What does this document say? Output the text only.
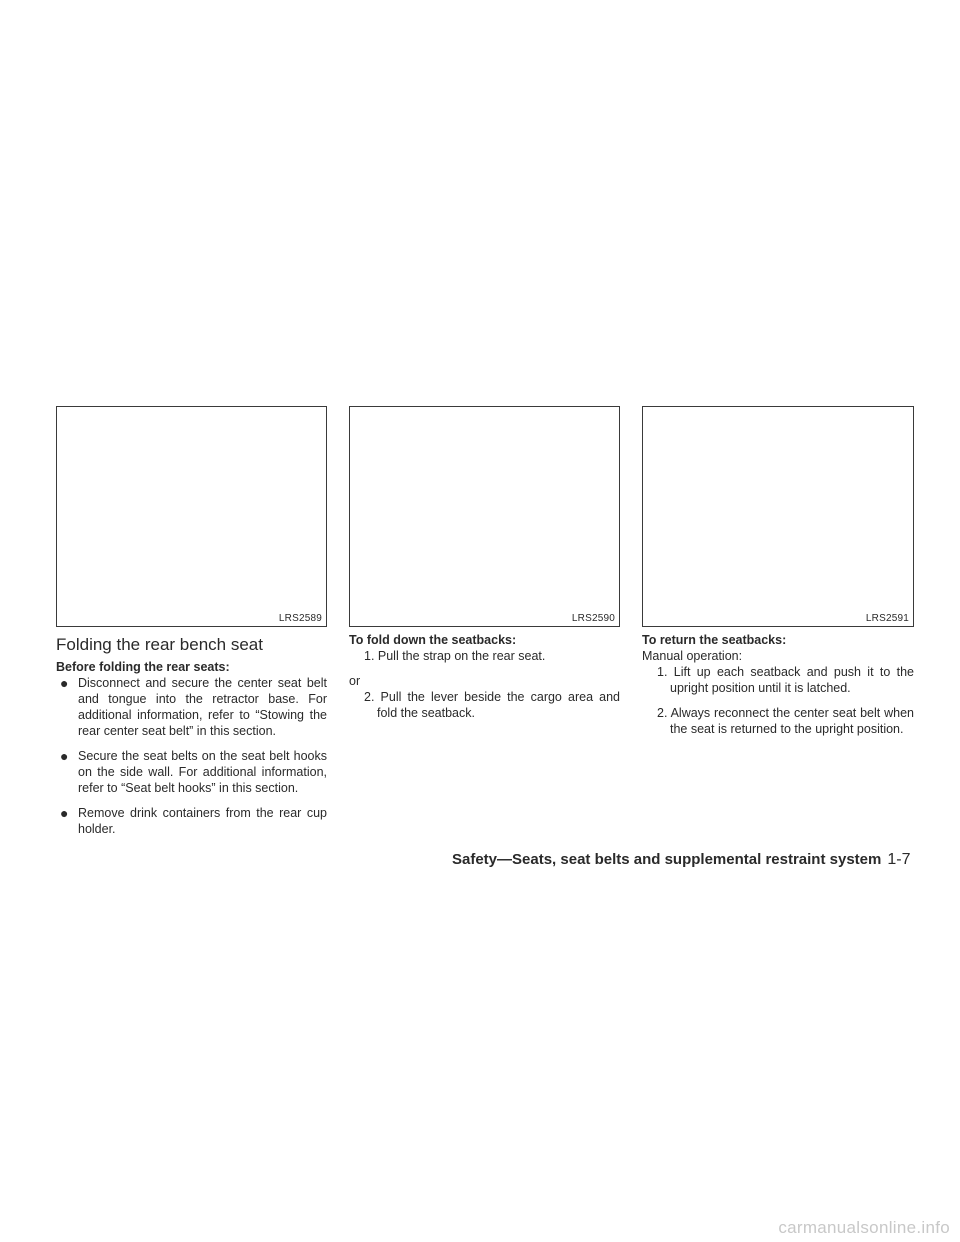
LRS2589	LRS2590	LRS2591
Folding the rear bench seat

Before folding the rear seats:

● Disconnect and secure the center seat belt and tongue into the retractor base. For additional information, refer to “Stowing the rear center seat belt” in this section.
● Secure the seat belts on the seat belt hooks on the side wall. For additional information, refer to “Seat belt hooks” in this section.
● Remove drink containers from the rear cup holder.

To fold down the seatbacks:

1. Pull the strap on the rear seat.

or

2. Pull the lever beside the cargo area and fold the seatback.

To return the seatbacks:

Manual operation:

1. Lift up each seatback and push it to the upright position until it is latched.
2. Always reconnect the center seat belt when the seat is returned to the upright position.
Safety—Seats, seat belts and supplemental restraint system 1-7
carmanualsonline.info
